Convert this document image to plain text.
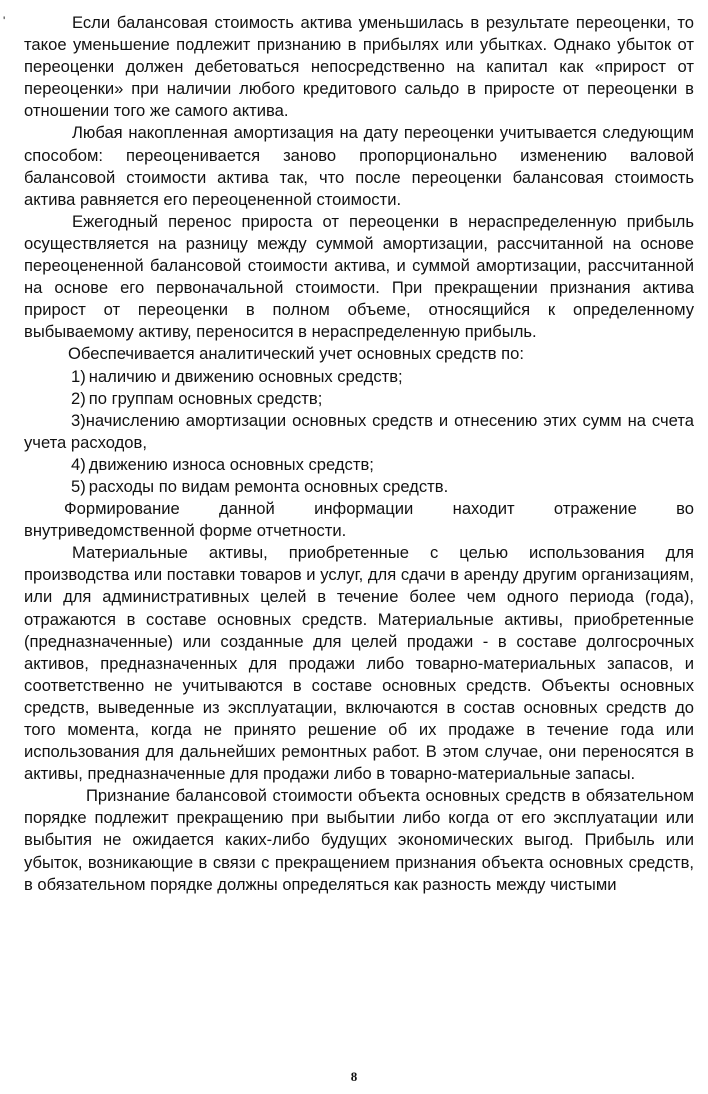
'	Если балансовая стоимость актива уменьшилась в результате переоценки, то такое уменьшение подлежит признанию в прибылях или убытках. Однако убыток от переоценки должен дебетоваться непосредственно на капитал как «прирост от переоценки» при наличии любого кредитового сальдо в приросте от переоценки в отношении того же самого актива.

Любая накопленная амортизация на дату переоценки учитывается следующим способом: переоценивается заново пропорционально изменению валовой балансовой стоимости актива так, что после переоценки балансовая стоимость актива равняется его переоцененной стоимости.

Ежегодный перенос прироста от переоценки в нераспределенную прибыль осуществляется на разницу между суммой амортизации, рассчитанной на основе переоцененной балансовой стоимости актива, и суммой амортизации, рассчитанной на основе его первоначальной стоимости. При прекращении признания актива прирост от переоценки в полном объеме, относящийся к определенному выбываемому активу, переносится в нераспределенную прибыль.

Обеспечивается аналитический учет основных средств по:

1) наличию и движению основных средств;
2) по группам основных средств;

3)начислению амортизации основных средств и отнесению этих сумм на счета учета расходов,

4) движению износа основных средств;
5) расходы по видам ремонта основных средств.

Формирование данной информации находит отражение во внутриведомственной форме отчетности.

Материальные активы, приобретенные с целью использования для производства или поставки товаров и услуг, для сдачи в аренду другим организациям, или для административных целей в течение более чем одного периода (года), отражаются в составе основных средств. Материальные активы, приобретенные (предназначенные) или созданные для целей продажи - в составе долгосрочных активов, предназначенных для продажи либо товарно-материальных запасов, и соответственно не учитываются в составе основных средств. Объекты основных средств, выведенные из эксплуатации, включаются в состав основных средств до того момента, когда не принято решение об их продаже в течение года или использования для дальнейших ремонтных работ. В этом случае, они переносятся в активы, предназначенные для продажи либо в товарно-материальные запасы.

Признание балансовой стоимости объекта основных средств в обязательном порядке подлежит прекращению при выбытии либо когда от его эксплуатации или выбытия не ожидается каких-либо будущих экономических выгод. Прибыль или убыток, возникающие в связи с прекращением признания объекта основных средств, в обязательном порядке должны определяться как разность между чистыми

8
